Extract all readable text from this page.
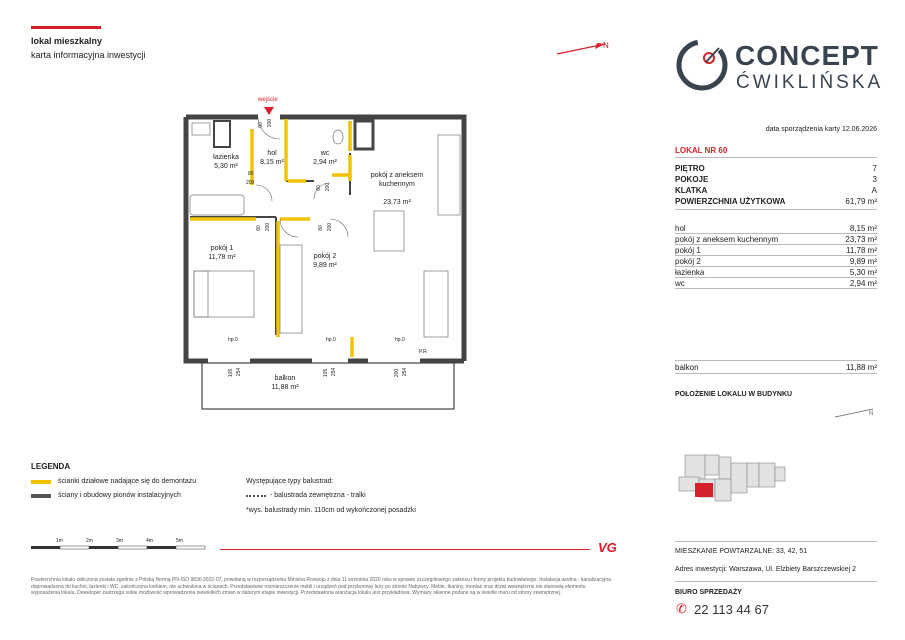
lokal mieszkalny
karta informacyjna inwestycji
N	CONCEPT
ĆWIKLIŃSKA
data sporządzenia karty 12.06.2026
LOKAL NR 60
PIĘTRO	7
POKOJE	3
KLATKA	A
POWIERZCHNIA UŻYTKOWA	61,79 m²
hol	8,15 m²
pokój z aneksem kuchennym	23,73 m²
pokój 1	11,78 m²
pokój 2	9,89 m²
łazienka	5,30 m²
wc	2,94 m²
balkon	11,88 m²
POŁOŻENIE LOKALU W BUDYNKU
N
MIESZKANIE POWTARZALNE: 33, 42, 51
Adres inwestycji: Warszawa, Ul. Elżbiety Barszczewskiej 2
BIURO SPRZEDAŻY
✆ 22 113 44 67
wejście
łazienka
5,30 m²
hol
8,15 m²
wc
2,94 m²
pokój z aneksem kuchennym
23,73 m²
pokój 1
11,78 m²	pokój 2
9,89 m²
balkon
11,88 m²
90 200
80
200
80 200
80 200	80 200
hp.0	hp.0	hp.0
105 254	105 254	200 254
P.R
LEGENDA
ścianki działowe nadające się do demontażu
ściany i obudowy pionów instalacyjnych
Występujące typy balustrad:
- balustrada zewnętrzna - tralki
*wys. balustrady min. 110cm od wykończonej posadzki
1m	2m	3m	4m	5m	VG
Powierzchnia lokalu obliczona została zgodnie z Polską Normą PN-ISO 9836:2022-07, powołaną w rozporządzeniu Ministra Rozwoju z dnia 11 września 2020 roku w sprawie szczegółowego zakresu i formy projektu budowlanego. Instalacja wodna - kanalizacyjna doprowadzona do kuchni, łazienki i WC, zakończona korkiem, nie uchwalona w ścianach. Przedstawione rozmieszczenie mebli i urządzeń pod przyborowy leży po stronie Nabywcy. Meble, tkaniny, montaż oraz drzwi wewnętrzne nie stanowią elementu wyposażenia lokalu. Deweloper zastrzega sobie możliwość wprowadzenia niewielkich zmian w dalszym etapie inwestycji. Przedstawiona aranżacja lokalu jest przykładowa. Wymiary okienne podane są w świetle muru od strony zewnętrznej.
